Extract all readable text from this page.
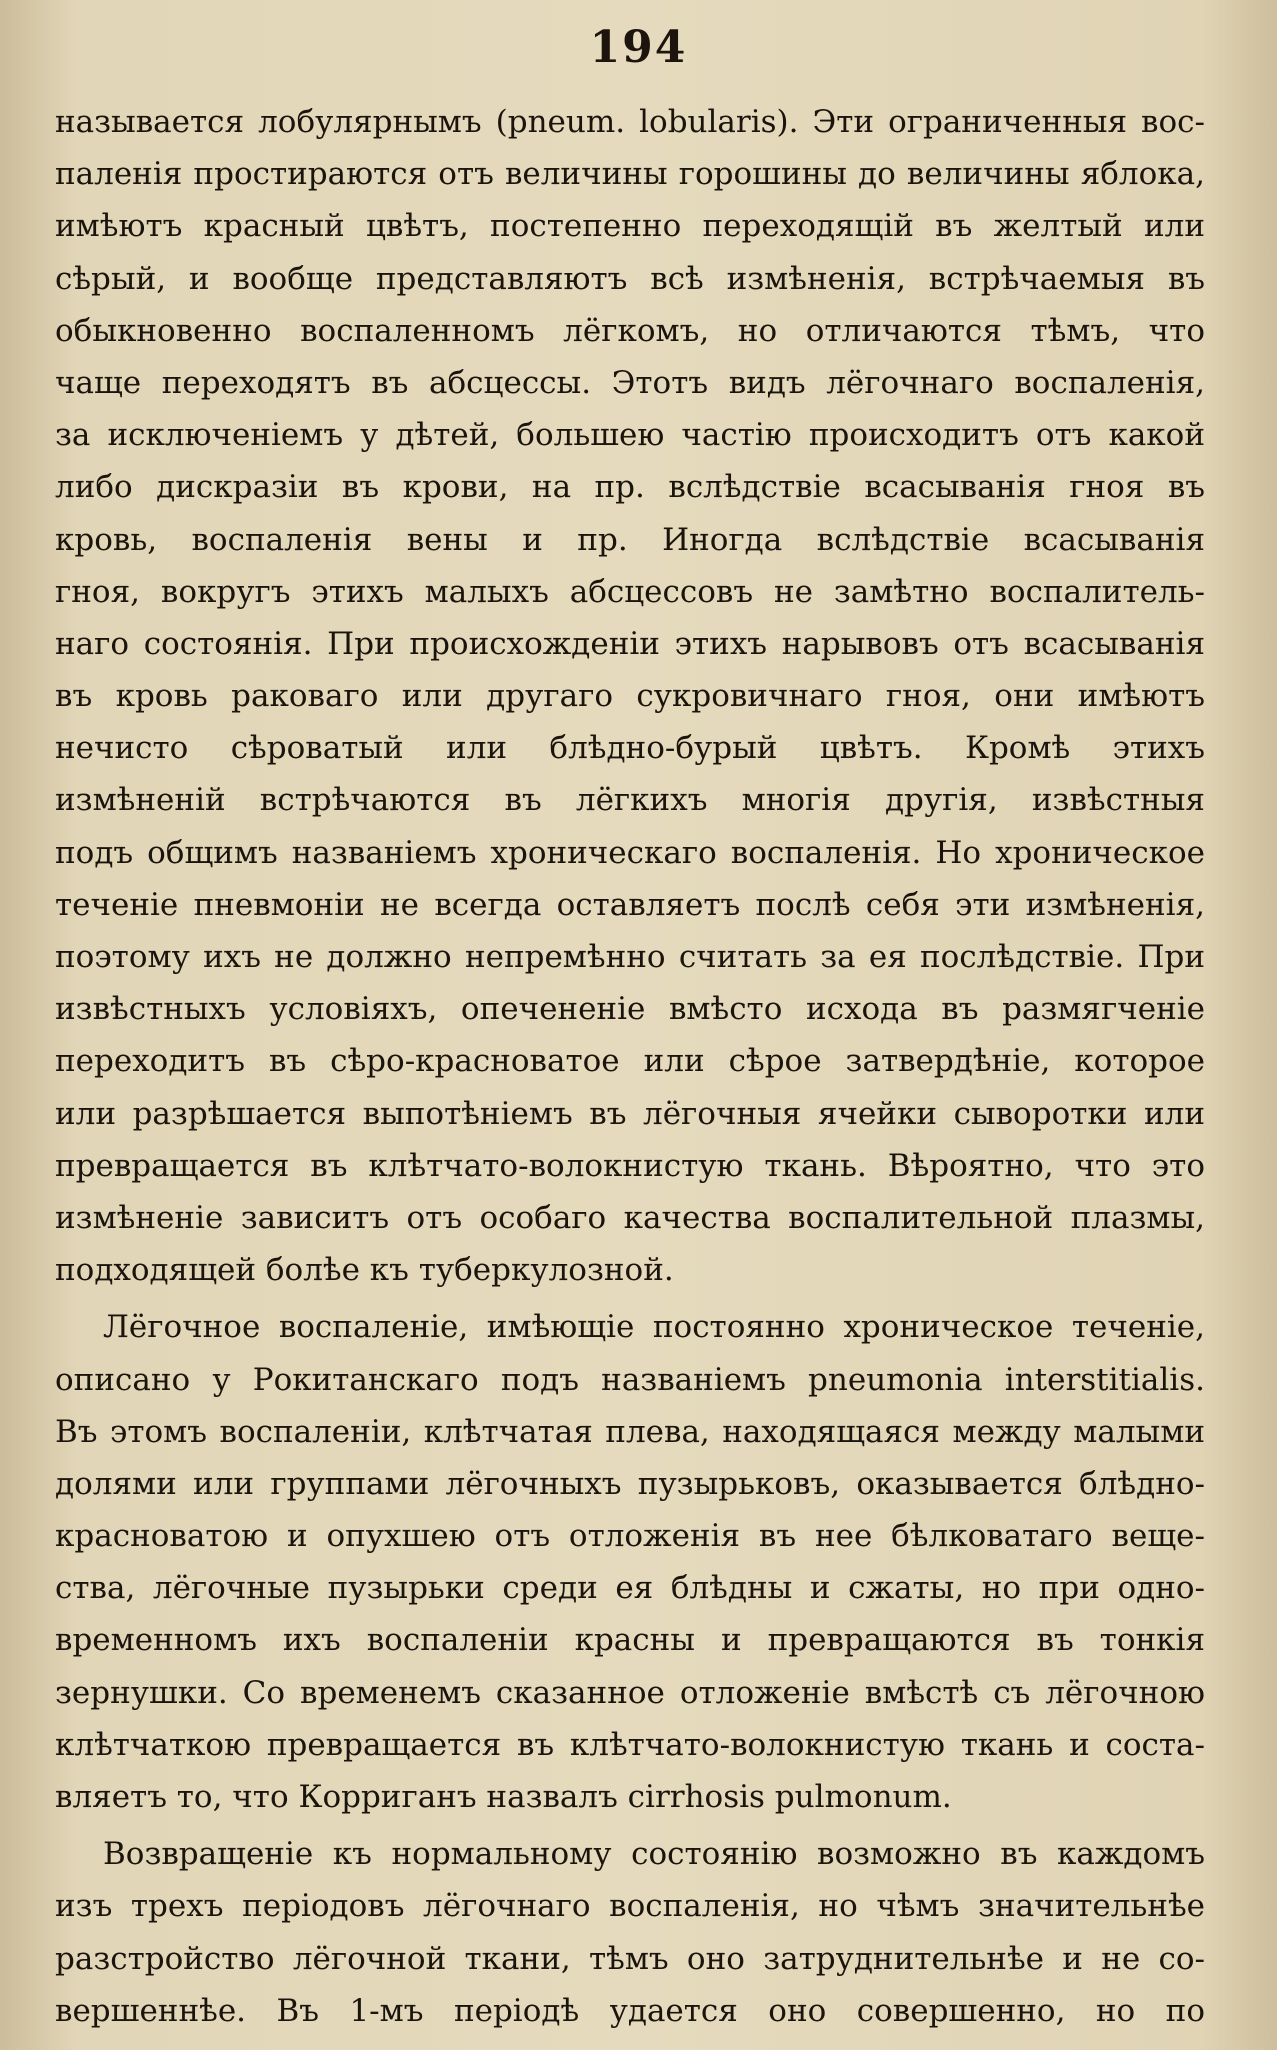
194
называется лобулярнымъ (pneum. lobularis). Эти ограниченныя вос-
паленія простираются отъ величины горошины до величины яблока,
имѣютъ красный цвѣтъ, постепенно переходящій въ желтый или
сѣрый, и вообще представляютъ всѣ измѣненія, встрѣчаемыя въ
обыкновенно воспаленномъ лёгкомъ, но отличаются тѣмъ, что
чаще переходятъ въ абсцессы. Этотъ видъ лёгочнаго воспаленія,
за исключеніемъ у дѣтей, большею частію происходитъ отъ какой
либо дискразіи въ крови, на пр. вслѣдствіе всасыванія гноя въ
кровь, воспаленія вены и пр. Иногда вслѣдствіе всасыванія
гноя, вокругъ этихъ малыхъ абсцессовъ не замѣтно воспалитель-
наго состоянія. При происхожденіи этихъ нарывовъ отъ всасыванія
въ кровь раковаго или другаго сукровичнаго гноя, они имѣютъ
нечисто сѣроватый или блѣдно-бурый цвѣтъ. Кромѣ этихъ
измѣненій встрѣчаются въ лёгкихъ многія другія, извѣстныя
подъ общимъ названіемъ хроническаго воспаленія. Но хроническое
теченіе пневмоніи не всегда оставляетъ послѣ себя эти измѣненія,
поэтому ихъ не должно непремѣнно считать за ея послѣдствіе. При
извѣстныхъ условіяхъ, опечененіе вмѣсто исхода въ размягченіе
переходитъ въ сѣро-красноватое или сѣрое затвердѣніе, которое
или разрѣшается выпотѣніемъ въ лёгочныя ячейки сыворотки или
превращается въ клѣтчато-волокнистую ткань. Вѣроятно, что это
измѣненіе зависитъ отъ особаго качества воспалительной плазмы,
подходящей болѣе къ туберкулозной.
Лёгочное воспаленіе, имѣющіе постоянно хроническое теченіе,
описано у Рокитанскаго подъ названіемъ pneumonia interstitialis.
Въ этомъ воспаленіи, клѣтчатая плева, находящаяся между малыми
долями или группами лёгочныхъ пузырьковъ, оказывается блѣдно-
красноватою и опухшею отъ отложенія въ нее бѣлковатаго веще-
ства, лёгочные пузырьки среди ея блѣдны и сжаты, но при одно-
временномъ ихъ воспаленіи красны и превращаются въ тонкія
зернушки. Со временемъ сказанное отложеніе вмѣстѣ съ лёгочною
клѣтчаткою превращается въ клѣтчато-волокнистую ткань и соста-
вляетъ то, что Корриганъ назвалъ cirrhosis pulmonum.
Возвращеніе къ нормальному состоянію возможно въ каждомъ
изъ трехъ періодовъ лёгочнаго воспаленія, но чѣмъ значительнѣе
разстройство лёгочной ткани, тѣмъ оно затруднительнѣе и не со-
вершеннѣе. Въ 1-мъ періодѣ удается оно совершенно, но по
